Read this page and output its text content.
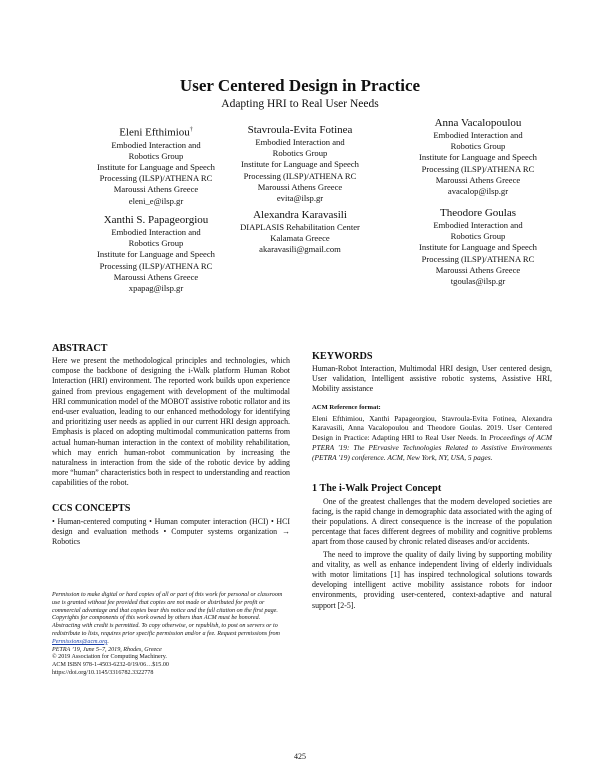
User Centered Design in Practice
Adapting HRI to Real User Needs
Eleni Efthimiou†
Embodied Interaction and
Robotics Group
Institute for Language and Speech
Processing (ILSP)/ATHENA RC
Maroussi Athens Greece
eleni_e@ilsp.gr
Stavroula-Evita Fotinea
Embodied Interaction and
Robotics Group
Institute for Language and Speech
Processing (ILSP)/ATHENA RC
Maroussi Athens Greece
evita@ilsp.gr
Anna Vacalopoulou
Embodied Interaction and
Robotics Group
Institute for Language and Speech
Processing (ILSP)/ATHENA RC
Maroussi Athens Greece
avacalop@ilsp.gr
Xanthi S. Papageorgiou
Embodied Interaction and
Robotics Group
Institute for Language and Speech
Processing (ILSP)/ATHENA RC
Maroussi Athens Greece
xpapag@ilsp.gr
Alexandra Karavasili
DIAPLASIS Rehabilitation Center
Kalamata Greece
akaravasili@gmail.com
Theodore Goulas
Embodied Interaction and
Robotics Group
Institute for Language and Speech
Processing (ILSP)/ATHENA RC
Maroussi Athens Greece
tgoulas@ilsp.gr
ABSTRACT

Here we present the methodological principles and technologies, which compose the backbone of designing the i-Walk platform Human Robot Interaction (HRI) environment. The reported work builds upon experience gained from previous engagement with development of the multimodal HRI communication model of the MOBOT assistive robotic rollator and its end-user evaluation, leading to our enhanced methodology for identifying and prioritizing user needs as applied in our current HRI design approach. Emphasis is placed on adopting multimodal communication patterns from actual human-human interaction in the context of mobility rehabilitation, which may enrich human-robot communication by increasing the naturalness in interaction from the side of the robotic device by adding more “human” characteristics both in respect to understanding and reaction capabilities of the robot.

CCS CONCEPTS

• Human-centered computing • Human computer interaction (HCI) • HCI design and evaluation methods • Computer systems organization → Robotics

Permission to make digital or hard copies of all or part of this work for personal or classroom use is granted without fee provided that copies are not made or distributed for profit or commercial advantage and that copies bear this notice and the full citation on the first page. Copyrights for components of this work owned by others than ACM must be honored. Abstracting with credit is permitted. To copy otherwise, or republish, to post on servers or to redistribute to lists, requires prior specific permission and/or a fee. Request permissions from Permissions@acm.org.

PETRA ’19, June 5–7, 2019, Rhodes, Greece

© 2019 Association for Computing Machinery.

ACM ISBN 978-1-4503-6232-0/19/06…$15.00

https://doi.org/10.1145/3316782.3322778

KEYWORDS

Human-Robot Interaction, Multimodal HRI design, User centered design, User validation, Intelligent assistive robotic systems, Assistive HRI, Mobility assistance

ACM Reference format:

Eleni Efthimiou, Xanthi Papageorgiou, Stavroula-Evita Fotinea, Alexandra Karavasili, Anna Vacalopoulou and Theodore Goulas. 2019. User Centered Design in Practice: Adapting HRI to Real User Needs. In Proceedings of ACM PTERA '19: The PErvasive Technologies Related to Assistive Environments (PETRA '19) conference. ACM, New York, NY, USA, 5 pages.

1 The i-Walk Project Concept

One of the greatest challenges that the modern developed societies are facing, is the rapid change in demographic data associated with the aging of their populations. A direct consequence is the increase of the population percentage that faces different degrees of mobility and cognitive problems apart from those caused by chronic related diseases and/or accidents.

The need to improve the quality of daily living by supporting mobility and vitality, as well as enhance independent living of elderly individuals with motor limitations [1] has inspired technological solutions towards developing intelligent active mobility assistance robots for indoor environments, providing user-centered, context-adaptive and natural support [2-5].

425
